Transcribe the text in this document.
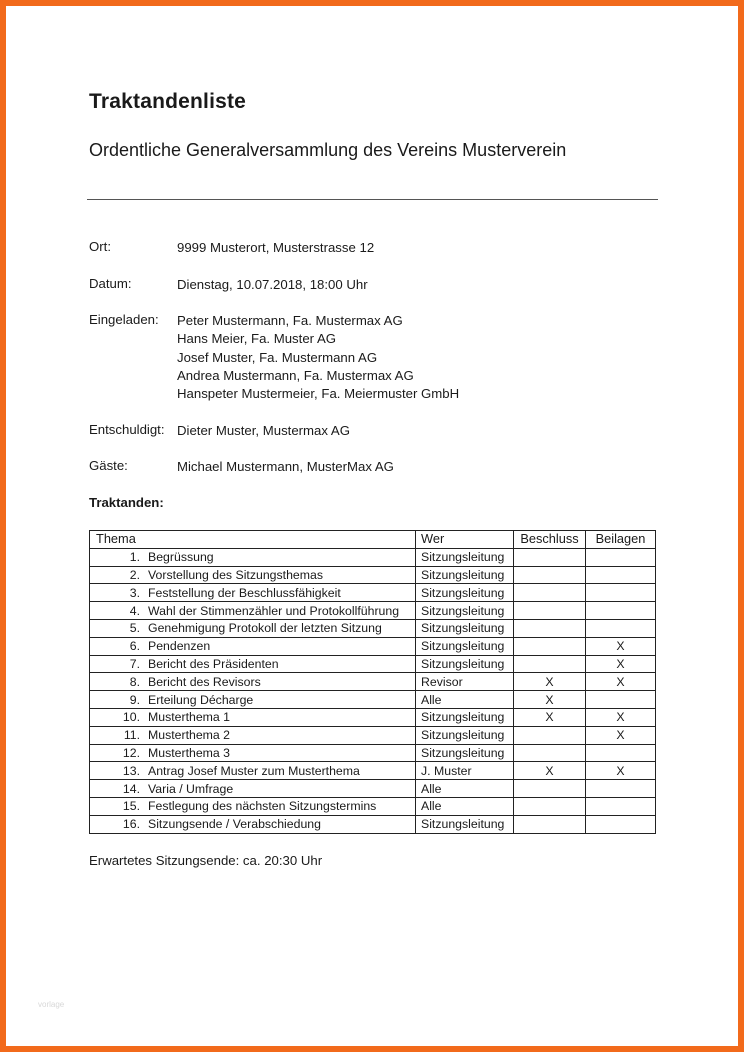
Traktandenliste
Ordentliche Generalversammlung des Vereins Musterverein
Ort:	9999 Musterort, Musterstrasse 12
Datum:	Dienstag, 10.07.2018, 18:00 Uhr
Eingeladen: Peter Mustermann, Fa. Mustermax AG
Hans Meier, Fa. Muster AG
Josef Muster, Fa. Mustermann AG
Andrea Mustermann, Fa. Mustermax AG
Hanspeter Mustermeier, Fa. Meiermuster GmbH
Entschuldigt: Dieter Muster, Mustermax AG
Gäste:	Michael Mustermann, MusterMax AG
Traktanden:
Thema	Wer	Beschluss	Beilagen
1. Begrüssung	Sitzungsleitung		
2. Vorstellung des Sitzungsthemas	Sitzungsleitung		
3. Feststellung der Beschlussfähigkeit	Sitzungsleitung		
4. Wahl der Stimmenzähler und Protokollführung	Sitzungsleitung		
5. Genehmigung Protokoll der letzten Sitzung	Sitzungsleitung		
6. Pendenzen	Sitzungsleitung		X
7. Bericht des Präsidenten	Sitzungsleitung		X
8. Bericht des Revisors	Revisor	X	X
9. Erteilung Décharge	Alle	X	
10. Musterthema 1	Sitzungsleitung	X	X
11. Musterthema 2	Sitzungsleitung		X
12. Musterthema 3	Sitzungsleitung		
13. Antrag Josef Muster zum Musterthema	J. Muster	X	X
14. Varia / Umfrage	Alle		
15. Festlegung des nächsten Sitzungstermins	Alle		
16. Sitzungsende / Verabschiedung	Sitzungsleitung		
Erwartetes Sitzungsende: ca. 20:30 Uhr
vorlage
